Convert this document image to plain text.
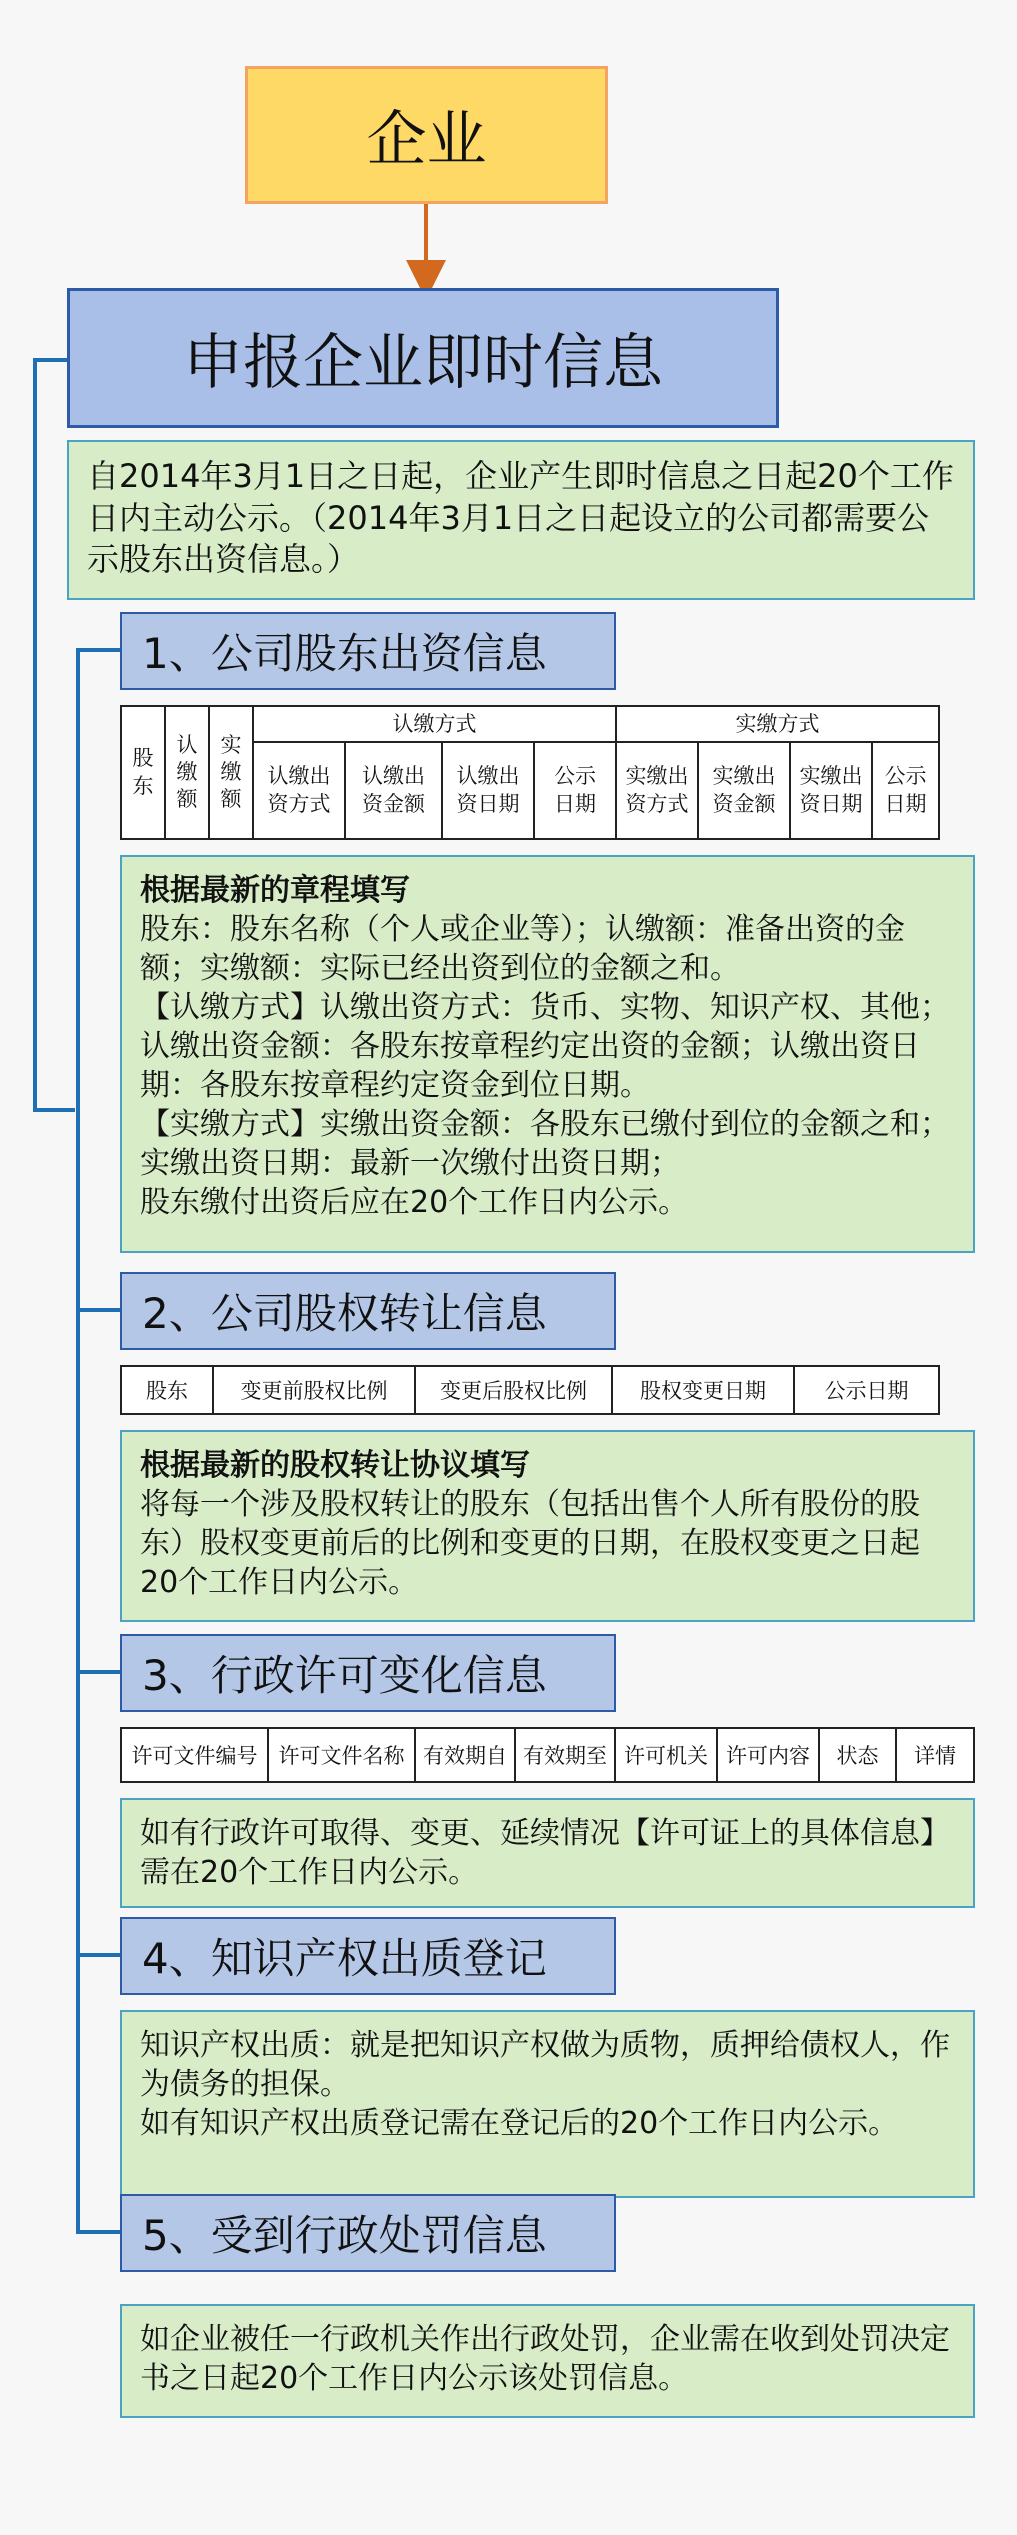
企业
申报企业即时信息
自2014年3月1日之日起，企业产生即时信息之日起20个工作日内主动公示。（2014年3月1日之日起设立的公司都需要公示股东出资信息。）
1、公司股东出资信息
股东	认缴额	实缴额	认缴方式				实缴方式			
			认缴出资方式	认缴出资金额	认缴出资日期	公示日期	实缴出资方式	实缴出资金额	实缴出资日期	公示日期
根据最新的章程填写
股东：股东名称（个人或企业等）；认缴额：准备出资的金额；实缴额：实际已经出资到位的金额之和。
【认缴方式】认缴出资方式：货币、实物、知识产权、其他；认缴出资金额：各股东按章程约定出资的金额；认缴出资日期：各股东按章程约定资金到位日期。
【实缴方式】实缴出资金额：各股东已缴付到位的金额之和；实缴出资日期：最新一次缴付出资日期；
股东缴付出资后应在20个工作日内公示。
2、公司股权转让信息
股东	变更前股权比例	变更后股权比例	股权变更日期	公示日期
根据最新的股权转让协议填写
将每一个涉及股权转让的股东（包括出售个人所有股份的股东）股权变更前后的比例和变更的日期，在股权变更之日起20个工作日内公示。
3、行政许可变化信息
许可文件编号	许可文件名称	有效期自	有效期至	许可机关	许可内容	状态	详情
如有行政许可取得、变更、延续情况【许可证上的具体信息】需在20个工作日内公示。
4、知识产权出质登记
知识产权出质：就是把知识产权做为质物，质押给债权人，作为债务的担保。
如有知识产权出质登记需在登记后的20个工作日内公示。
5、受到行政处罚信息
如企业被任一行政机关作出行政处罚，企业需在收到处罚决定书之日起20个工作日内公示该处罚信息。
